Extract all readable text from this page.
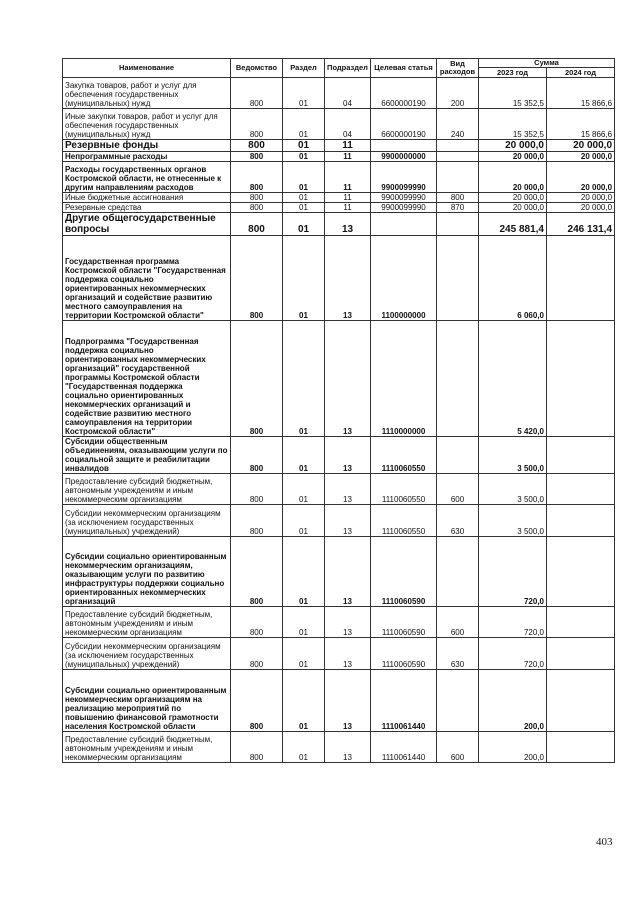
Наименование	Ведомство	Раздел	Подраздел	Целевая статья	Вид расходов	Сумма	
						2023 год	2024 год
Закупка товаров, работ и услуг для обеспечения государственных (муниципальных) нужд	800	01	04	6600000190	200	15 352,5	15 866,6
Иные закупки товаров, работ и услуг для обеспечения государственных (муниципальных) нужд	800	01	04	6600000190	240	15 352,5	15 866,6
Резервные фонды	800	01	11			20 000,0	20 000,0
Непрограммные расходы	800	01	11	9900000000		20 000,0	20 000,0
Расходы государственных органов Костромской области, не отнесенные к другим направлениям расходов	800	01	11	9900099990		20 000,0	20 000,0
Иные бюджетные ассигнования	800	01	11	9900099990	800	20 000,0	20 000,0
Резервные средства	800	01	11	9900099990	870	20 000,0	20 000,0
Другие общегосударственные вопросы	800	01	13			245 881,4	246 131,4
Государственная программа Костромской области "Государственная поддержка социально ориентированных некоммерческих организаций и содействие развитию местного самоуправления на территории Костромской области"	800	01	13	1100000000		6 060,0	
Подпрограмма "Государственная поддержка социально ориентированных некоммерческих организаций" государственной программы Костромской области "Государственная поддержка социально ориентированных некоммерческих организаций и содействие развитию местного самоуправления на территории Костромской области"	800	01	13	1110000000		5 420,0	
Субсидии общественным объединениям, оказывающим услуги по социальной защите и реабилитации инвалидов	800	01	13	1110060550		3 500,0	
Предоставление субсидий бюджетным, автономным учреждениям и иным некоммерческим организациям	800	01	13	1110060550	600	3 500,0	
Субсидии некоммерческим организациям (за исключением государственных (муниципальных) учреждений)	800	01	13	1110060550	630	3 500,0	
Субсидии социально ориентированным некоммерческим организациям, оказывающим услуги по развитию инфраструктуры поддержки социально ориентированных некоммерческих организаций	800	01	13	1110060590		720,0	
Предоставление субсидий бюджетным, автономным учреждениям и иным некоммерческим организациям	800	01	13	1110060590	600	720,0	
Субсидии некоммерческим организациям (за исключением государственных (муниципальных) учреждений)	800	01	13	1110060590	630	720,0	
Субсидии социально ориентированным некоммерческим организациям на реализацию мероприятий по повышению финансовой грамотности населения Костромской области	800	01	13	1110061440		200,0	
Предоставление субсидий бюджетным, автономным учреждениям и иным некоммерческим организациям	800	01	13	1110061440	600	200,0	
403
